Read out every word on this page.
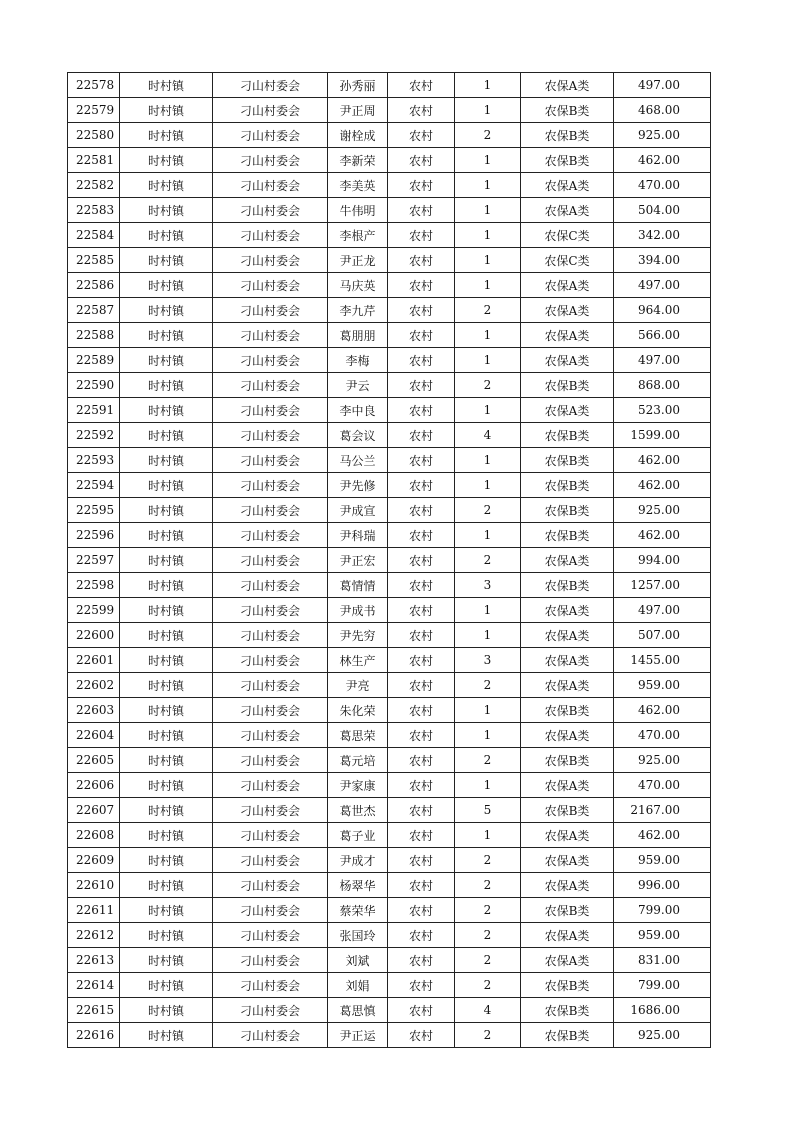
22578	时村镇	刁山村委会	孙秀丽	农村	1	农保A类	497.00
22579	时村镇	刁山村委会	尹正周	农村	1	农保B类	468.00
22580	时村镇	刁山村委会	谢栓成	农村	2	农保B类	925.00
22581	时村镇	刁山村委会	李新荣	农村	1	农保B类	462.00
22582	时村镇	刁山村委会	李美英	农村	1	农保A类	470.00
22583	时村镇	刁山村委会	牛伟明	农村	1	农保A类	504.00
22584	时村镇	刁山村委会	李根产	农村	1	农保C类	342.00
22585	时村镇	刁山村委会	尹正龙	农村	1	农保C类	394.00
22586	时村镇	刁山村委会	马庆英	农村	1	农保A类	497.00
22587	时村镇	刁山村委会	李九芹	农村	2	农保A类	964.00
22588	时村镇	刁山村委会	葛朋朋	农村	1	农保A类	566.00
22589	时村镇	刁山村委会	李梅	农村	1	农保A类	497.00
22590	时村镇	刁山村委会	尹云	农村	2	农保B类	868.00
22591	时村镇	刁山村委会	李中良	农村	1	农保A类	523.00
22592	时村镇	刁山村委会	葛会议	农村	4	农保B类	1599.00
22593	时村镇	刁山村委会	马公兰	农村	1	农保B类	462.00
22594	时村镇	刁山村委会	尹先修	农村	1	农保B类	462.00
22595	时村镇	刁山村委会	尹成宣	农村	2	农保B类	925.00
22596	时村镇	刁山村委会	尹科瑞	农村	1	农保B类	462.00
22597	时村镇	刁山村委会	尹正宏	农村	2	农保A类	994.00
22598	时村镇	刁山村委会	葛情情	农村	3	农保B类	1257.00
22599	时村镇	刁山村委会	尹成书	农村	1	农保A类	497.00
22600	时村镇	刁山村委会	尹先穷	农村	1	农保A类	507.00
22601	时村镇	刁山村委会	林生产	农村	3	农保A类	1455.00
22602	时村镇	刁山村委会	尹亮	农村	2	农保A类	959.00
22603	时村镇	刁山村委会	朱化荣	农村	1	农保B类	462.00
22604	时村镇	刁山村委会	葛思荣	农村	1	农保A类	470.00
22605	时村镇	刁山村委会	葛元培	农村	2	农保B类	925.00
22606	时村镇	刁山村委会	尹家康	农村	1	农保A类	470.00
22607	时村镇	刁山村委会	葛世杰	农村	5	农保B类	2167.00
22608	时村镇	刁山村委会	葛子业	农村	1	农保A类	462.00
22609	时村镇	刁山村委会	尹成才	农村	2	农保A类	959.00
22610	时村镇	刁山村委会	杨翠华	农村	2	农保A类	996.00
22611	时村镇	刁山村委会	蔡荣华	农村	2	农保B类	799.00
22612	时村镇	刁山村委会	张国玲	农村	2	农保A类	959.00
22613	时村镇	刁山村委会	刘斌	农村	2	农保A类	831.00
22614	时村镇	刁山村委会	刘娟	农村	2	农保B类	799.00
22615	时村镇	刁山村委会	葛思慎	农村	4	农保B类	1686.00
22616	时村镇	刁山村委会	尹正运	农村	2	农保B类	925.00
